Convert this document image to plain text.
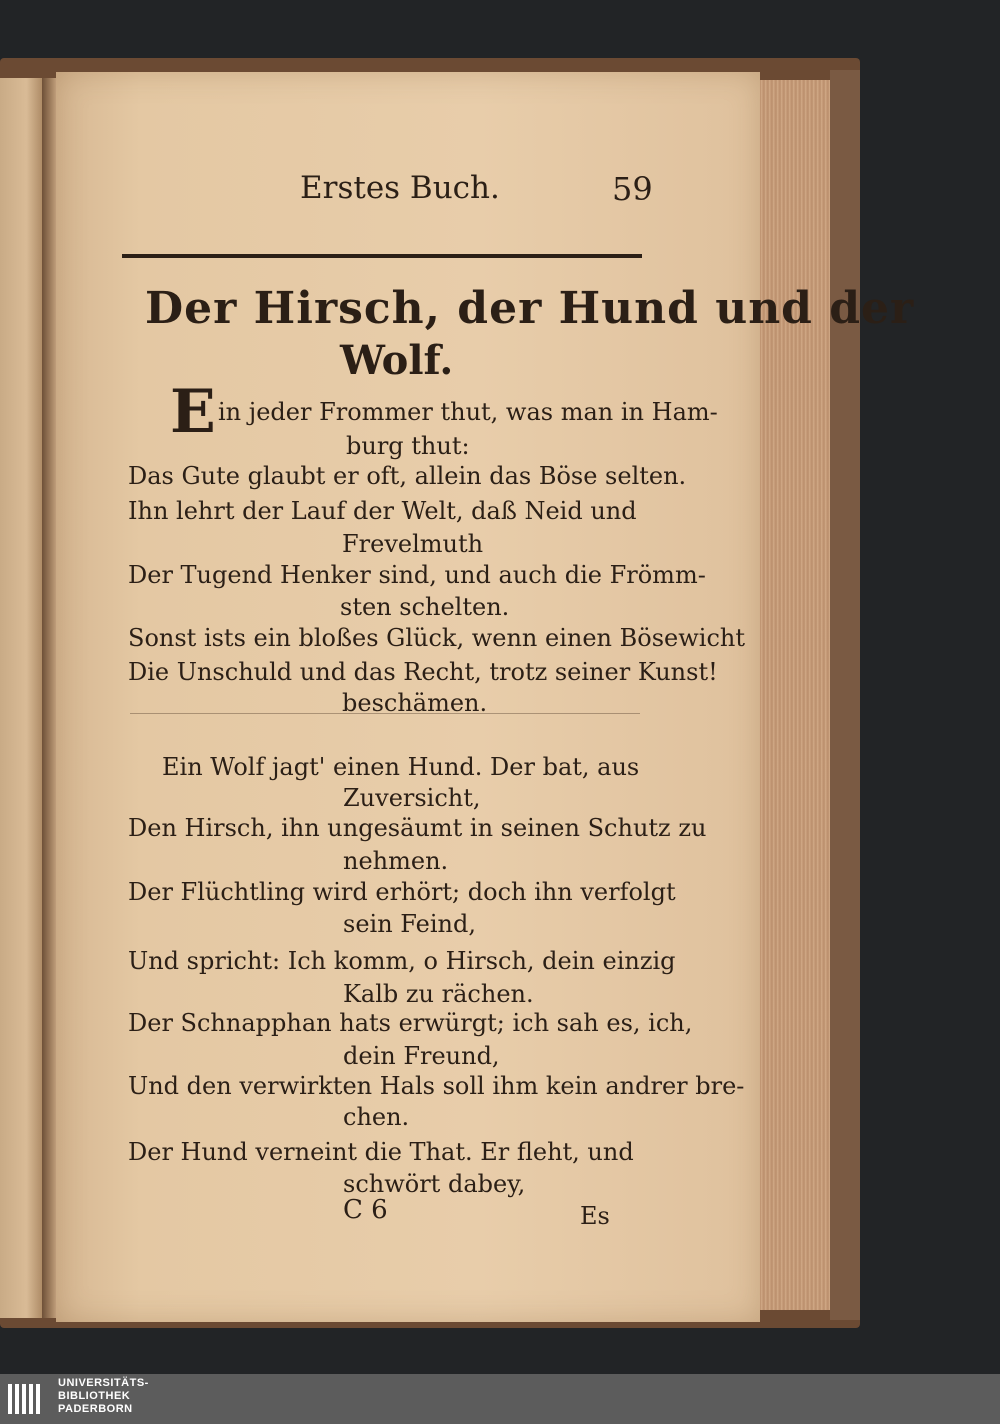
Erstes Buch.	59
Der Hirsch, der Hund und der
Wolf.
E in jeder Frommer thut, was man in Ham-
burg thut:
Das Gute glaubt er oft, allein das Böse selten.
Ihn lehrt der Lauf der Welt, daß Neid und
Frevelmuth
Der Tugend Henker sind, und auch die Frömm-
sten schelten.
Sonst ists ein bloßes Glück, wenn einen Bösewicht
Die Unschuld und das Recht, trotz seiner Kunst!
beschämen.
Ein Wolf jagt' einen Hund. Der bat, aus
Zuversicht,
Den Hirsch, ihn ungesäumt in seinen Schutz zu
nehmen.
Der Flüchtling wird erhört; doch ihn verfolgt
sein Feind,
Und spricht: Ich komm, o Hirsch, dein einzig
Kalb zu rächen.
Der Schnapphan hats erwürgt; ich sah es, ich,
dein Freund,
Und den verwirkten Hals soll ihm kein andrer bre-
chen.
Der Hund verneint die That. Er fleht, und
schwört dabey,
C 6	Es
UNIVERSITÄTS-
BIBLIOTHEK
PADERBORN
